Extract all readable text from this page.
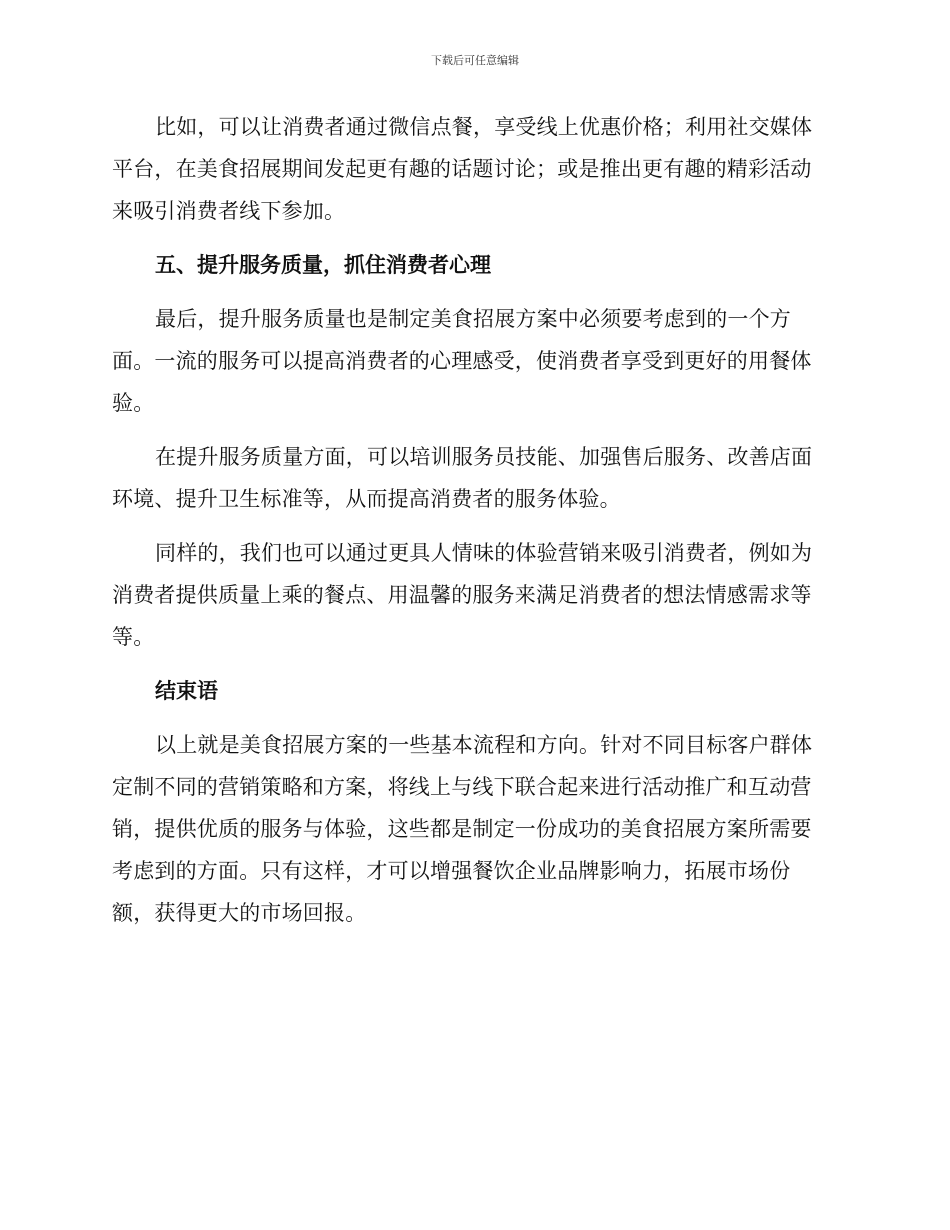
下载后可任意编辑

比如，可以让消费者通过微信点餐，享受线上优惠价格；利用社交媒体平台，在美食招展期间发起更有趣的话题讨论；或是推出更有趣的精彩活动来吸引消费者线下参加。

五、提升服务质量，抓住消费者心理

最后，提升服务质量也是制定美食招展方案中必须要考虑到的一个方面。一流的服务可以提高消费者的心理感受，使消费者享受到更好的用餐体验。

在提升服务质量方面，可以培训服务员技能、加强售后服务、改善店面环境、提升卫生标准等，从而提高消费者的服务体验。

同样的，我们也可以通过更具人情味的体验营销来吸引消费者，例如为消费者提供质量上乘的餐点、用温馨的服务来满足消费者的想法情感需求等等。

结束语

以上就是美食招展方案的一些基本流程和方向。针对不同目标客户群体定制不同的营销策略和方案，将线上与线下联合起来进行活动推广和互动营销，提供优质的服务与体验，这些都是制定一份成功的美食招展方案所需要考虑到的方面。只有这样，才可以增强餐饮企业品牌影响力，拓展市场份额，获得更大的市场回报。
